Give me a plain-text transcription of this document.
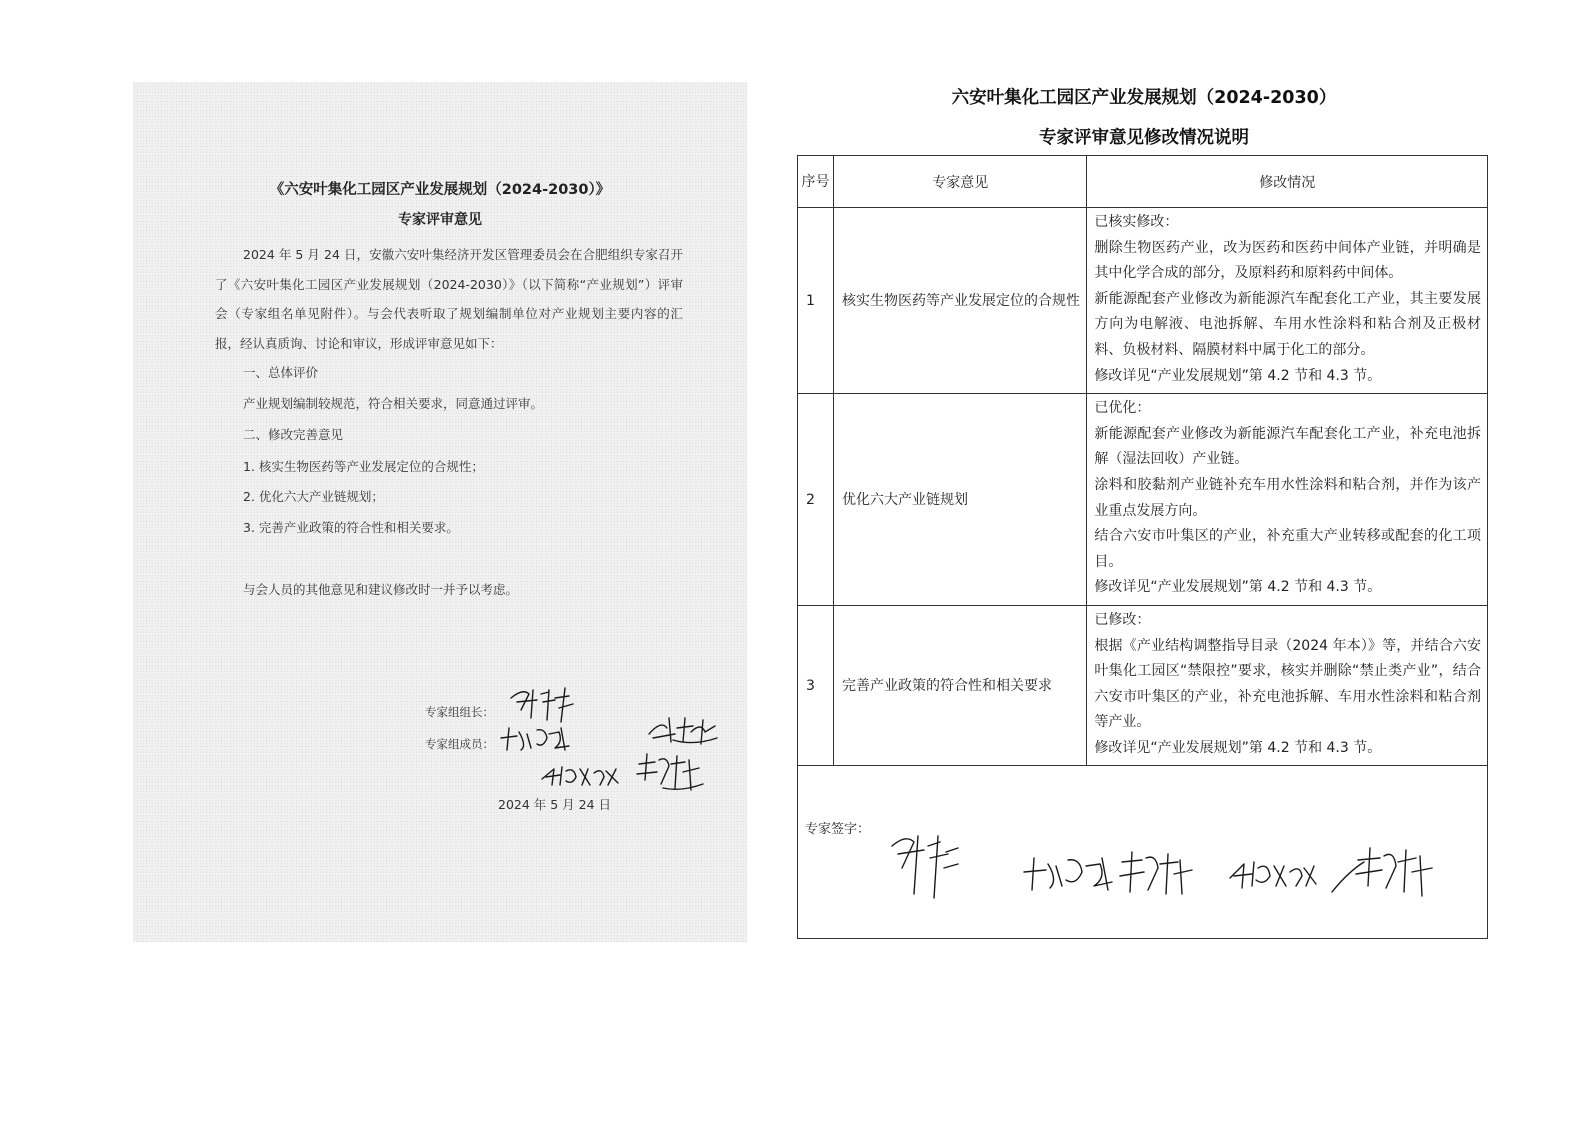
《六安叶集化工园区产业发展规划（2024-2030）》
专家评审意见
2024 年 5 月 24 日，安徽六安叶集经济开发区管理委员会在合肥组织专家召开了《六安叶集化工园区产业发展规划（2024-2030）》（以下简称“产业规划”）评审会（专家组名单见附件）。与会代表听取了规划编制单位对产业规划主要内容的汇报，经认真质询、讨论和审议，形成评审意见如下：
一、总体评价
产业规划编制较规范，符合相关要求，同意通过评审。
二、修改完善意见
1. 核实生物医药等产业发展定位的合规性；
2. 优化六大产业链规划；
3. 完善产业政策的符合性和相关要求。
与会人员的其他意见和建议修改时一并予以考虑。
专家组组长：
专家组成员：
2024 年 5 月 24 日
六安叶集化工园区产业发展规划（2024-2030）
专家评审意见修改情况说明
序号	专家意见	修改情况
1	核实生物医药等产业发展定位的合规性	已核实修改：

删除生物医药产业，改为医药和医药中间体产业链，并明确是其中化学合成的部分，及原料药和原料药中间体。

新能源配套产业修改为新能源汽车配套化工产业，其主要发展方向为电解液、电池拆解、车用水性涂料和粘合剂及正极材料、负极材料、隔膜材料中属于化工的部分。

修改详见“产业发展规划”第 4.2 节和 4.3 节。

2	优化六大产业链规划	已优化：

新能源配套产业修改为新能源汽车配套化工产业，补充电池拆解（湿法回收）产业链。

涂料和胶黏剂产业链补充车用水性涂料和粘合剂，并作为该产业重点发展方向。

结合六安市叶集区的产业，补充重大产业转移或配套的化工项目。

修改详见“产业发展规划”第 4.2 节和 4.3 节。

3	完善产业政策的符合性和相关要求	已修改：

根据《产业结构调整指导目录（2024 年本）》等，并结合六安叶集化工园区“禁限控”要求，核实并删除“禁止类产业”，结合六安市叶集区的产业，补充电池拆解、车用水性涂料和粘合剂等产业。

修改详见“产业发展规划”第 4.2 节和 4.3 节。

专家签字：		
